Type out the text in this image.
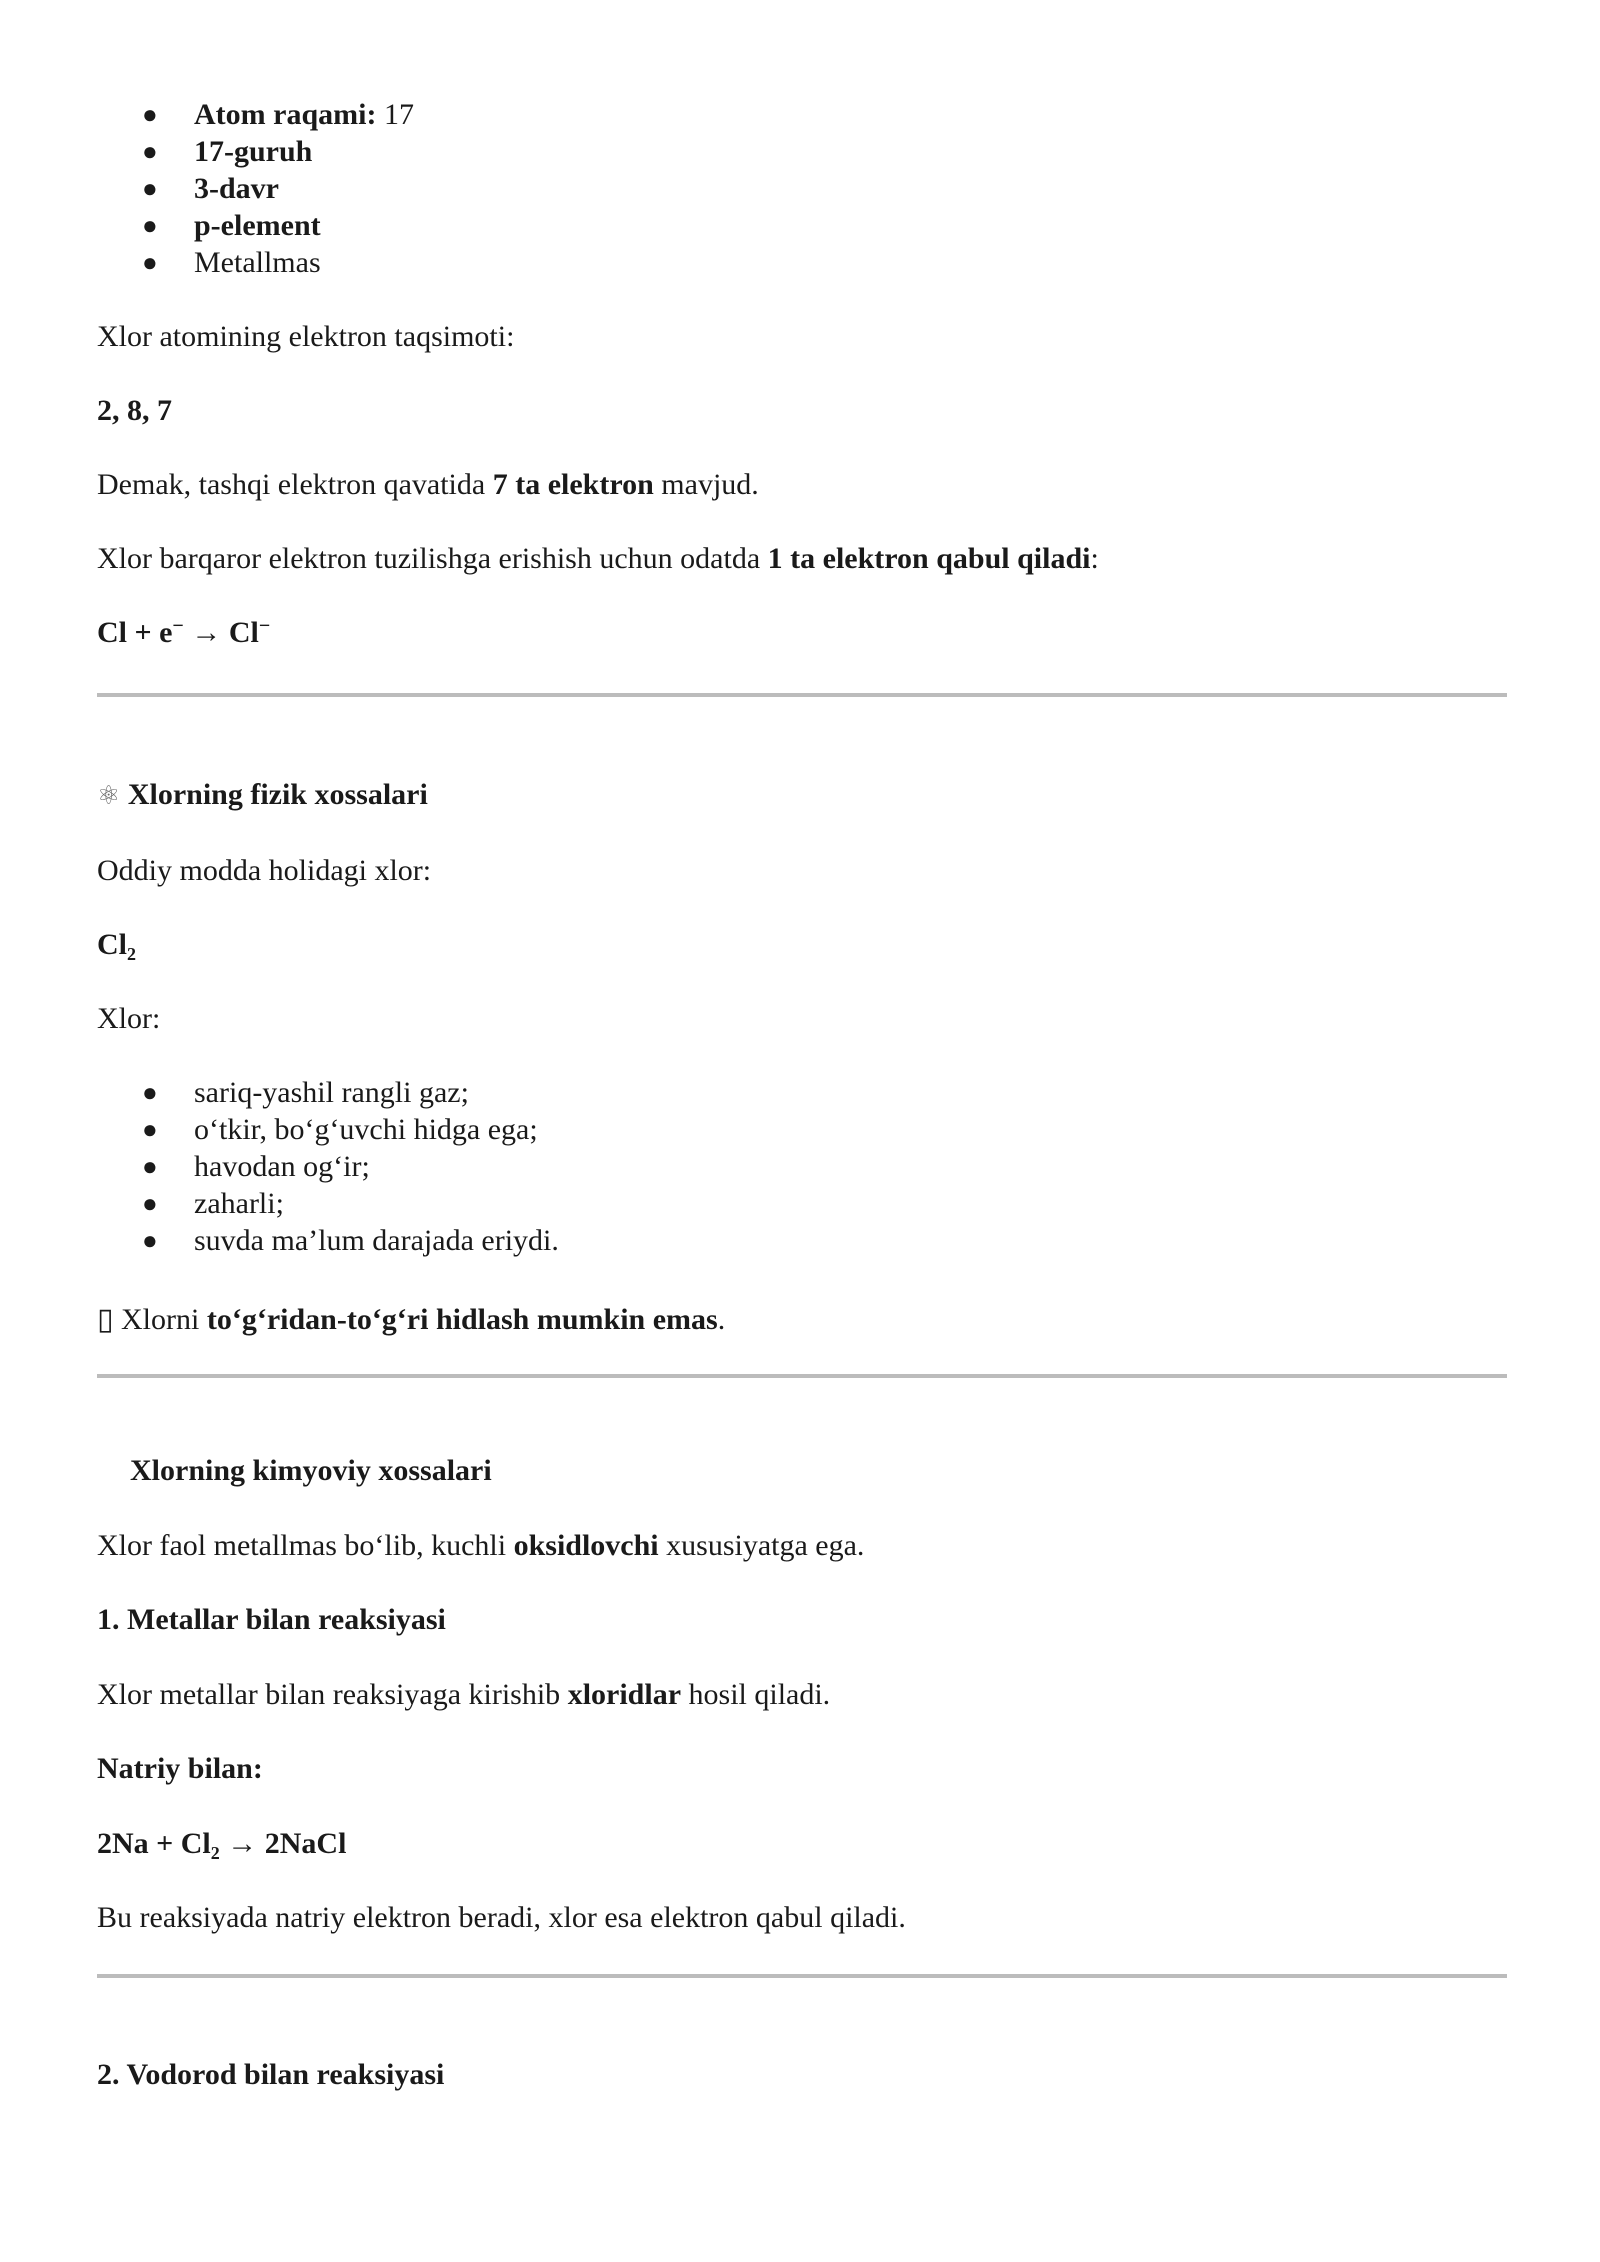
● Atom raqami: 17
● 17-guruh
● 3-davr
● p-element
● Metallmas

Xlor atomining elektron taqsimoti:

2, 8, 7

Demak, tashqi elektron qavatida 7 ta elektron mavjud.

Xlor barqaror elektron tuzilishga erishish uchun odatda 1 ta elektron qabul qiladi:

Cl + e− → Cl−

⚛ Xlorning fizik xossalari

Oddiy modda holidagi xlor:

$Cl_2$

Xlor:

● sariq-yashil rangli gaz;
● o‘tkir, bo‘g‘uvchi hidga ega;
● havodan og‘ir;
● zaharli;
● suvda ma’lum darajada eriydi.

▯ Xlorni to‘g‘ridan-to‘g‘ri hidlash mumkin emas.

Xlorning kimyoviy xossalari

Xlor faol metallmas bo‘lib, kuchli oksidlovchi xususiyatga ega.

1. Metallar bilan reaksiyasi

Xlor metallar bilan reaksiyaga kirishib xloridlar hosil qiladi.

Natriy bilan:

$2Na + Cl_2$ → 2NaCl

Bu reaksiyada natriy elektron beradi, xlor esa elektron qabul qiladi.

2. Vodorod bilan reaksiyasi
